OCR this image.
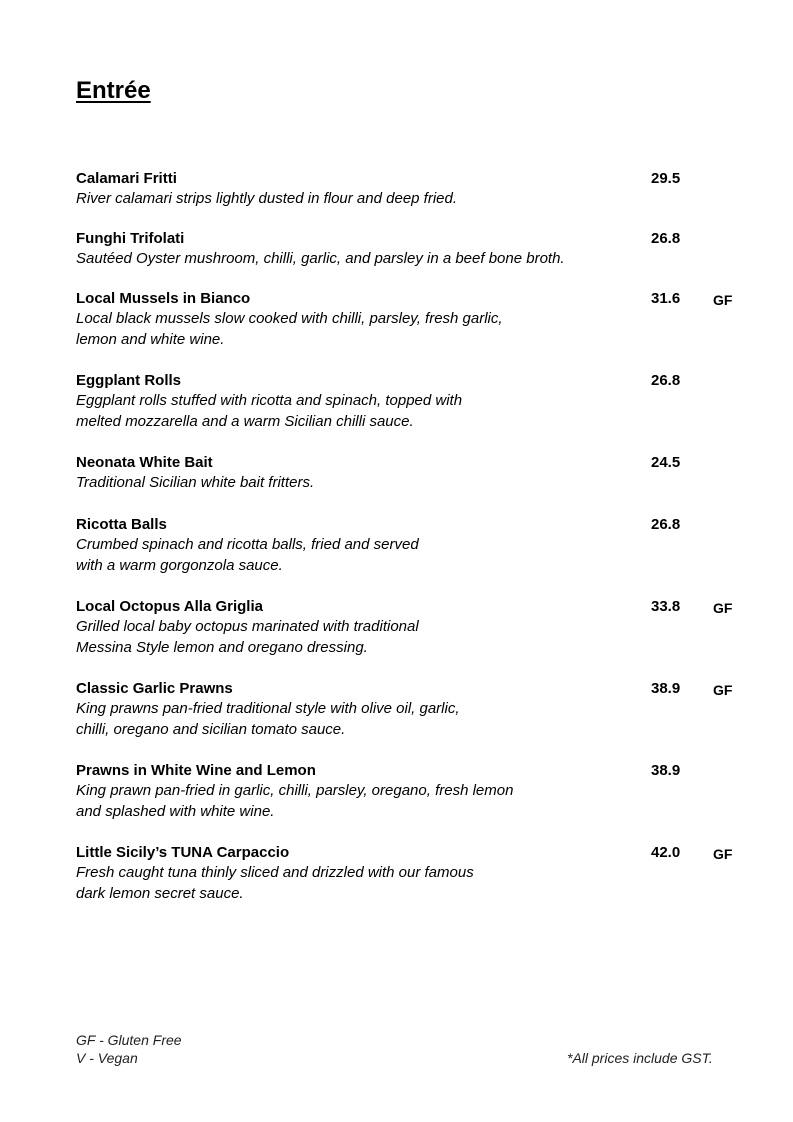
Entrée
Calamari Fritti
River calamari strips lightly dusted in flour and deep fried.
29.5
Funghi Trifolati
Sautéed Oyster mushroom, chilli, garlic, and parsley in a beef bone broth.
26.8
Local Mussels in Bianco
Local black mussels slow cooked with chilli, parsley, fresh garlic,
lemon and white wine.
31.6 GF
Eggplant Rolls
Eggplant rolls stuffed with ricotta and spinach, topped with
melted mozzarella and a warm Sicilian chilli sauce.
26.8
Neonata White Bait
Traditional Sicilian white bait fritters.
24.5
Ricotta Balls
Crumbed spinach and ricotta balls, fried and served
with a warm gorgonzola sauce.
26.8
Local Octopus Alla Griglia
Grilled local baby octopus marinated with traditional
Messina Style lemon and oregano dressing.
33.8 GF
Classic Garlic Prawns
King prawns pan-fried traditional style with olive oil, garlic,
chilli, oregano and sicilian tomato sauce.
38.9 GF
Prawns in White Wine and Lemon
King prawn pan-fried in garlic, chilli, parsley, oregano, fresh lemon
and splashed with white wine.
38.9
Little Sicily’s TUNA Carpaccio
Fresh caught tuna thinly sliced and drizzled with our famous
dark lemon secret sauce.
42.0 GF
GF - Gluten Free
V - Vegan	*All prices include GST.
